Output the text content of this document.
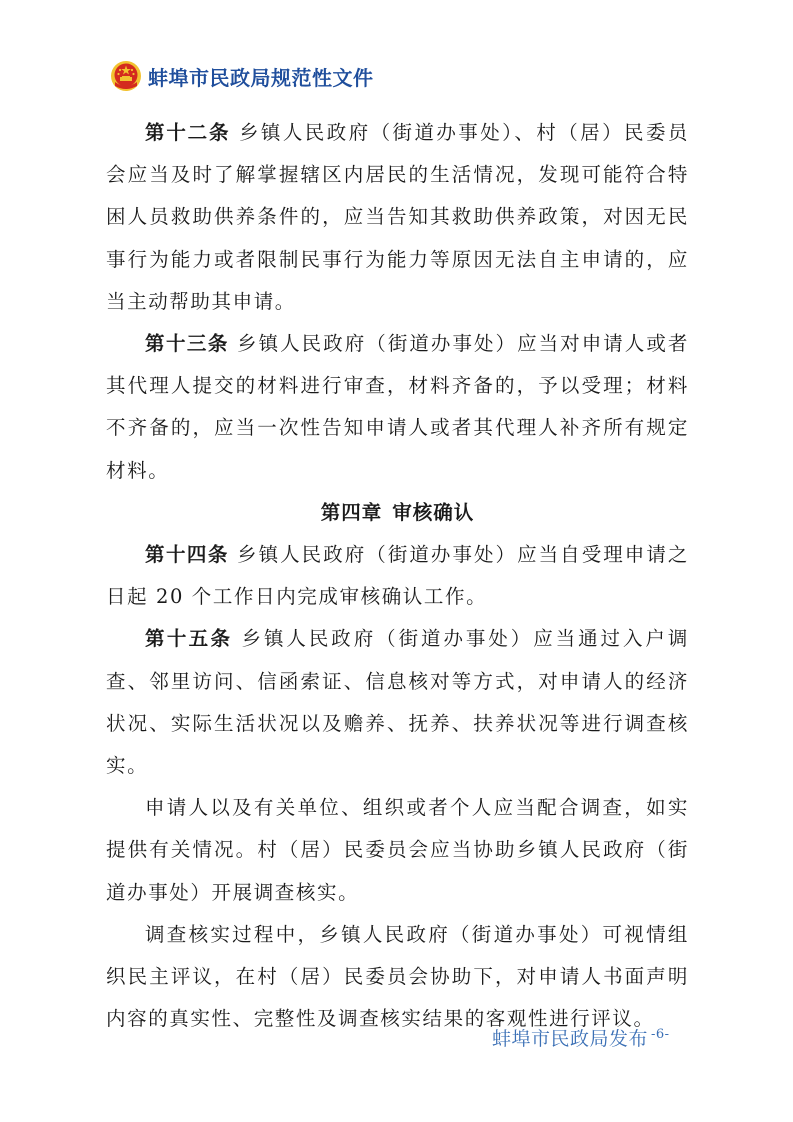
蚌埠市民政局规范性文件

第十二条 乡镇人民政府（街道办事处）、村（居）民委员会应当及时了解掌握辖区内居民的生活情况，发现可能符合特困人员救助供养条件的，应当告知其救助供养政策，对因无民事行为能力或者限制民事行为能力等原因无法自主申请的，应当主动帮助其申请。

第十三条 乡镇人民政府（街道办事处）应当对申请人或者其代理人提交的材料进行审查，材料齐备的，予以受理；材料不齐备的，应当一次性告知申请人或者其代理人补齐所有规定材料。

第四章 审核确认

第十四条 乡镇人民政府（街道办事处）应当自受理申请之日起 20 个工作日内完成审核确认工作。

第十五条 乡镇人民政府（街道办事处）应当通过入户调查、邻里访问、信函索证、信息核对等方式，对申请人的经济状况、实际生活状况以及赡养、抚养、扶养状况等进行调查核实。

申请人以及有关单位、组织或者个人应当配合调查，如实提供有关情况。村（居）民委员会应当协助乡镇人民政府（街道办事处）开展调查核实。

调查核实过程中，乡镇人民政府（街道办事处）可视情组织民主评议，在村（居）民委员会协助下，对申请人书面声明内容的真实性、完整性及调查核实结果的客观性进行评议。

蚌埠市民政局发布 $^{-6-}$
